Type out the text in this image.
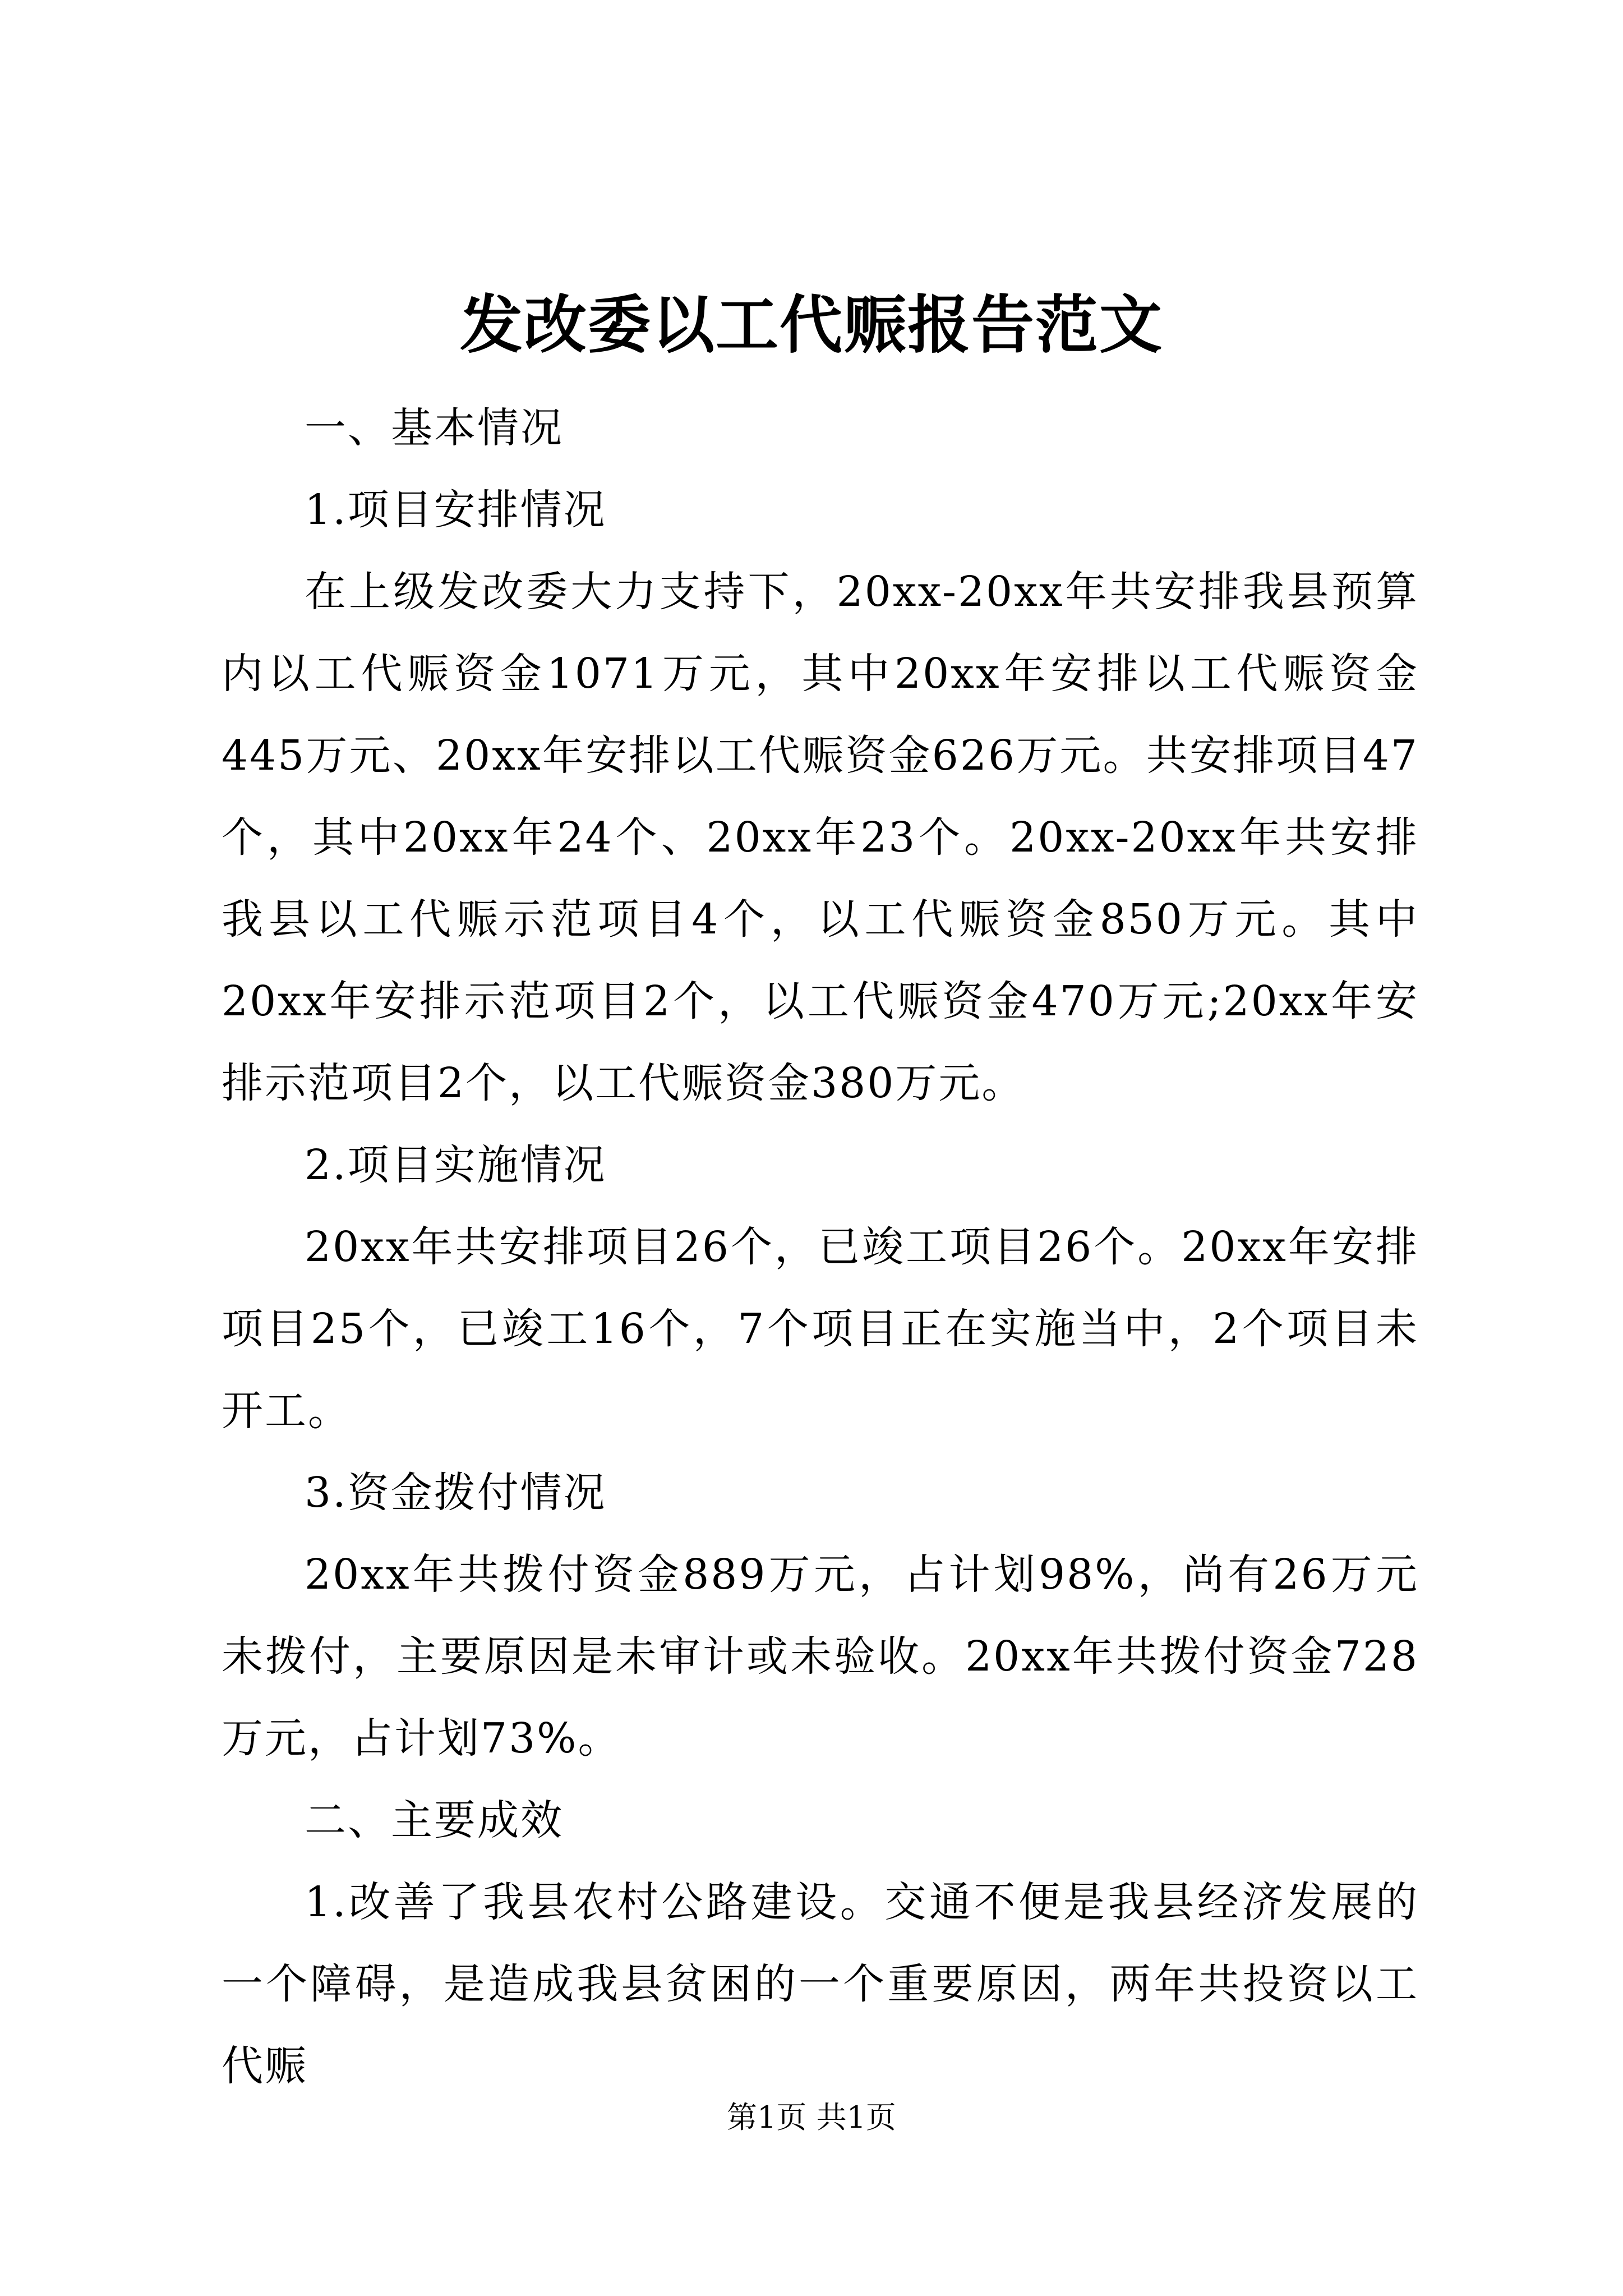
发改委以工代赈报告范文

一、基本情况

1.项目安排情况

在上级发改委大力支持下，20xx-20xx年共安排我县预算内以工代赈资金1071万元，其中20xx年安排以工代赈资金445万元、20xx年安排以工代赈资金626万元。共安排项目47个，其中20xx年24个、20xx年23个。20xx-20xx年共安排我县以工代赈示范项目4个，以工代赈资金850万元。其中20xx年安排示范项目2个，以工代赈资金470万元;20xx年安排示范项目2个，以工代赈资金380万元。

2.项目实施情况

20xx年共安排项目26个，已竣工项目26个。20xx年安排项目25个，已竣工16个，7个项目正在实施当中，2个项目未开工。

3.资金拨付情况

20xx年共拨付资金889万元，占计划98%，尚有26万元未拨付，主要原因是未审计或未验收。20xx年共拨付资金728万元，占计划73%。

二、主要成效

1.改善了我县农村公路建设。交通不便是我县经济发展的一个障碍，是造成我县贫困的一个重要原因，两年共投资以工代赈

第1页 共1页
